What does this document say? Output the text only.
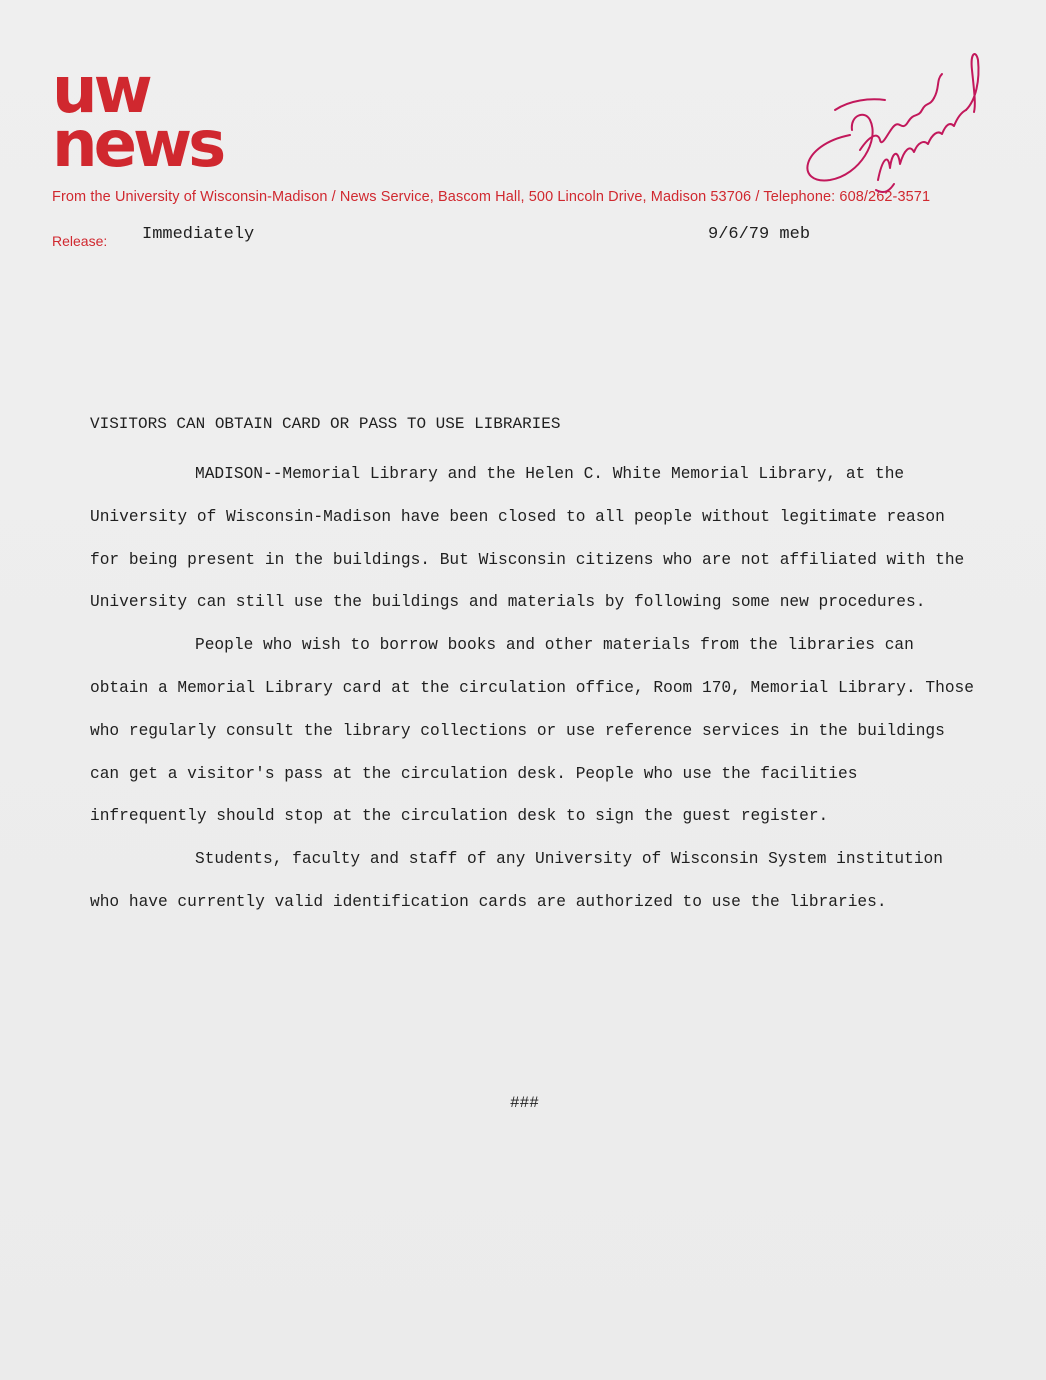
uw
news
From the University of Wisconsin-Madison / News Service, Bascom Hall, 500 Lincoln Drive, Madison 53706 / Telephone: 608/262-3571
Release: Immediately	9/6/79 meb
VISITORS CAN OBTAIN CARD OR PASS TO USE LIBRARIES

MADISON--Memorial Library and the Helen C. White Memorial Library, at the University of Wisconsin-Madison have been closed to all people without legitimate reason for being present in the buildings. But Wisconsin citizens who are not affiliated with the University can still use the buildings and materials by following some new procedures.

People who wish to borrow books and other materials from the libraries can obtain a Memorial Library card at the circulation office, Room 170, Memorial Library. Those who regularly consult the library collections or use reference services in the buildings can get a visitor's pass at the circulation desk. People who use the facilities infrequently should stop at the circulation desk to sign the guest register.

Students, faculty and staff of any University of Wisconsin System institution who have currently valid identification cards are authorized to use the libraries.

###
